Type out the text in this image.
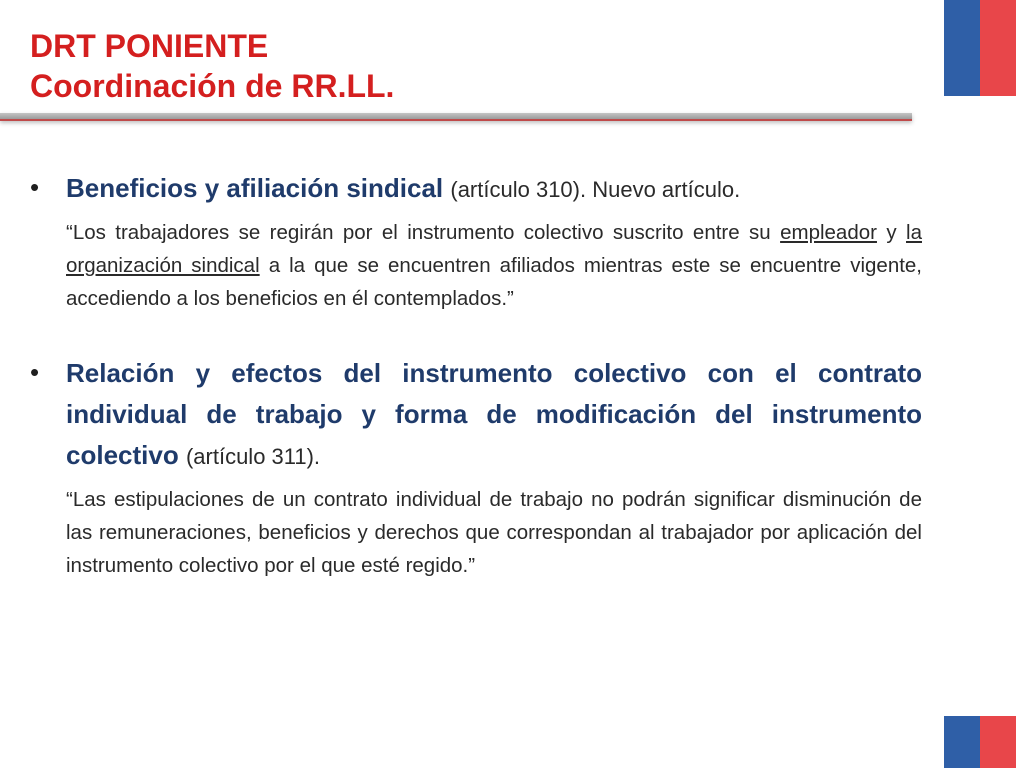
DRT PONIENTE
Coordinación de RR.LL.
• Beneficios y afiliación sindical (artículo 310). Nuevo artículo.

“Los trabajadores se regirán por el instrumento colectivo suscrito entre su empleador y la organización sindical a la que se encuentren afiliados mientras este se encuentre vigente, accediendo a los beneficios en él contemplados.”

• Relación y efectos del instrumento colectivo con el contrato individual de trabajo y forma de modificación del instrumento colectivo (artículo 311).

“Las estipulaciones de un contrato individual de trabajo no podrán significar disminución de las remuneraciones, beneficios y derechos que correspondan al trabajador por aplicación del instrumento colectivo por el que esté regido.”
